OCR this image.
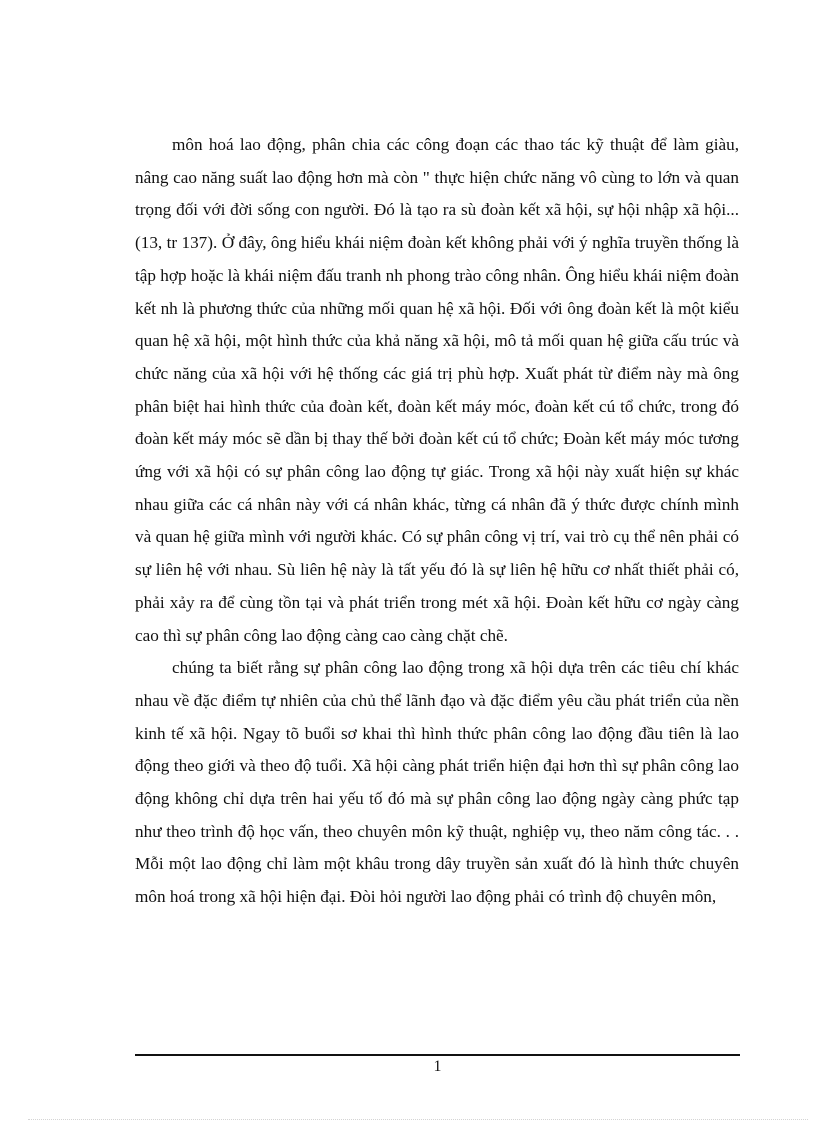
môn hoá lao động, phân chia các công đoạn các thao tác kỹ thuật để làm giàu, nâng cao năng suất lao động hơn mà còn " thực hiện chức năng vô cùng to lớn và quan trọng đối với đời sống con người. Đó là tạo ra sù đoàn kết xã hội, sự hội nhập xã hội...(13, tr 137). Ở đây, ông hiểu khái niệm đoàn kết không phải với ý nghĩa truyền thống là tập hợp hoặc là khái niệm đấu tranh nh phong trào công nhân. Ông hiểu khái niệm đoàn kết nh là phương thức của những mối quan hệ xã hội. Đối với ông đoàn kết là một kiểu quan hệ xã hội, một hình thức của khả năng xã hội, mô tả mối quan hệ giữa cấu trúc và chức năng của xã hội với hệ thống các giá trị phù hợp. Xuất phát từ điểm này mà ông phân biệt hai hình thức của đoàn kết, đoàn kết máy móc, đoàn kết cú tổ chức, trong đó đoàn kết máy móc sẽ dần bị thay thế bởi đoàn kết cú tổ chức; Đoàn kết máy móc tương ứng với xã hội có sự phân công lao động tự giác. Trong xã hội này xuất hiện sự khác nhau giữa các cá nhân này với cá nhân khác, từng cá nhân đã ý thức được chính mình và quan hệ giữa mình với người khác. Có sự phân công vị trí, vai trò cụ thể nên phải có sự liên hệ với nhau. Sù liên hệ này là tất yếu đó là sự liên hệ hữu cơ nhất thiết phải có, phải xảy ra để cùng tồn tại và phát triển trong mét xã hội. Đoàn kết hữu cơ ngày càng cao thì sự phân công lao động càng cao càng chặt chẽ.

chúng ta biết rằng sự phân công lao động trong xã hội dựa trên các tiêu chí khác nhau về đặc điểm tự nhiên của chủ thể lãnh đạo và đặc điểm yêu cầu phát triển của nền kinh tế xã hội. Ngay tõ buổi sơ khai thì hình thức phân công lao động đầu tiên là lao động theo giới và theo độ tuổi. Xã hội càng phát triển hiện đại hơn thì sự phân công lao động không chỉ dựa trên hai yếu tố đó mà sự phân công lao động ngày càng phức tạp như theo trình độ học vấn, theo chuyên môn kỹ thuật, nghiệp vụ, theo năm công tác. . . Mỗi một lao động chỉ làm một khâu trong dây truyền sản xuất đó là hình thức chuyên môn hoá trong xã hội hiện đại. Đòi hỏi người lao động phải có trình độ chuyên môn,

1
